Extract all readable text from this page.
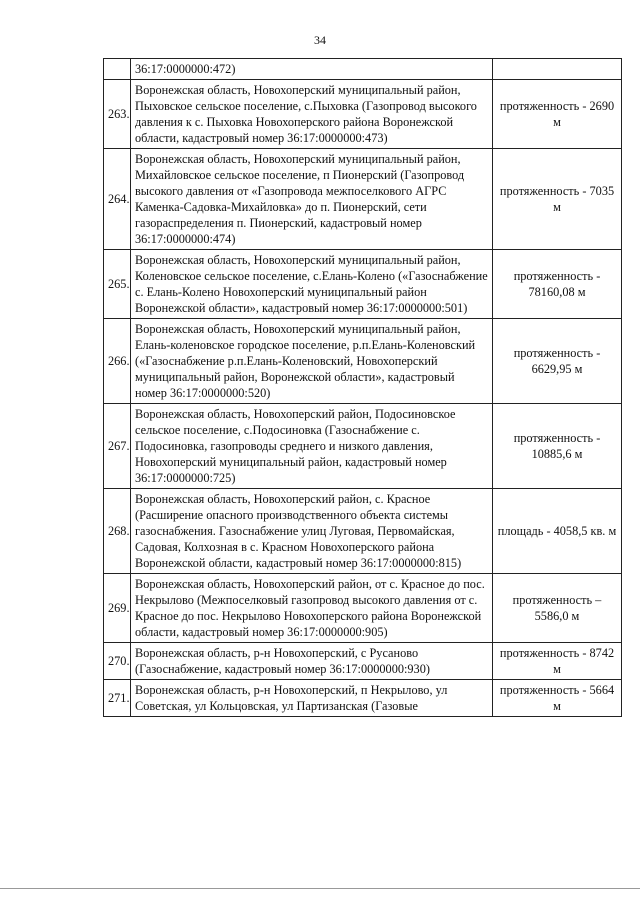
34

	36:17:0000000:472)	

263.	Воронежская область, Новохоперский муниципальный район, Пыховское сельское поселение, с.Пыховка (Газопровод высокого давления к с. Пыховка Новохоперского района Воронежской области, кадастровый номер 36:17:0000000:473)	протяженность - 2690 м

264.	Воронежская область, Новохоперский муниципальный район, Михайловское сельское поселение, п Пионерский (Газопровод высокого давления от «Газопровода межпоселкового АГРС Каменка-Садовка-Михайловка» до п. Пионерский, сети газораспределения п. Пионерский, кадастровый номер 36:17:0000000:474)	протяженность - 7035 м

265.	Воронежская область, Новохоперский муниципальный район, Коленовское сельское поселение, с.Елань-Колено («Газоснабжение с. Елань-Колено Новохоперский муниципальный район Воронежской области», кадастровый номер 36:17:0000000:501)	протяженность - 78160,08 м

266.	Воронежская область, Новохоперский муниципальный район, Елань-коленовское городское поселение, р.п.Елань-Коленовский («Газоснабжение р.п.Елань-Коленовский, Новохоперский муниципальный район, Воронежской области», кадастровый номер 36:17:0000000:520)	протяженность - 6629,95 м

267.	Воронежская область, Новохоперский район, Подосиновское сельское поселение, с.Подосиновка (Газоснабжение с. Подосиновка, газопроводы среднего и низкого давления, Новохоперский муниципальный район, кадастровый номер 36:17:0000000:725)	протяженность - 10885,6 м

268.	Воронежская область, Новохоперский район, с. Красное (Расширение опасного производственного объекта системы газоснабжения. Газоснабжение улиц Луговая, Первомайская, Садовая, Колхозная в с. Красном Новохоперского района Воронежской области, кадастровый номер 36:17:0000000:815)	площадь - 4058,5 кв. м

269.	Воронежская область, Новохоперский район, от с. Красное до пос. Некрылово (Межпоселковый газопровод высокого давления от с. Красное до пос. Некрылово Новохоперского района Воронежской области, кадастровый номер 36:17:0000000:905)	протяженность – 5586,0 м

270.	Воронежская область, р-н Новохоперский, с Русаново (Газоснабжение, кадастровый номер 36:17:0000000:930)	протяженность - 8742 м

271.	Воронежская область, р-н Новохоперский, п Некрылово, ул Советская, ул Кольцовская, ул Партизанская (Газовые	протяженность - 5664 м
